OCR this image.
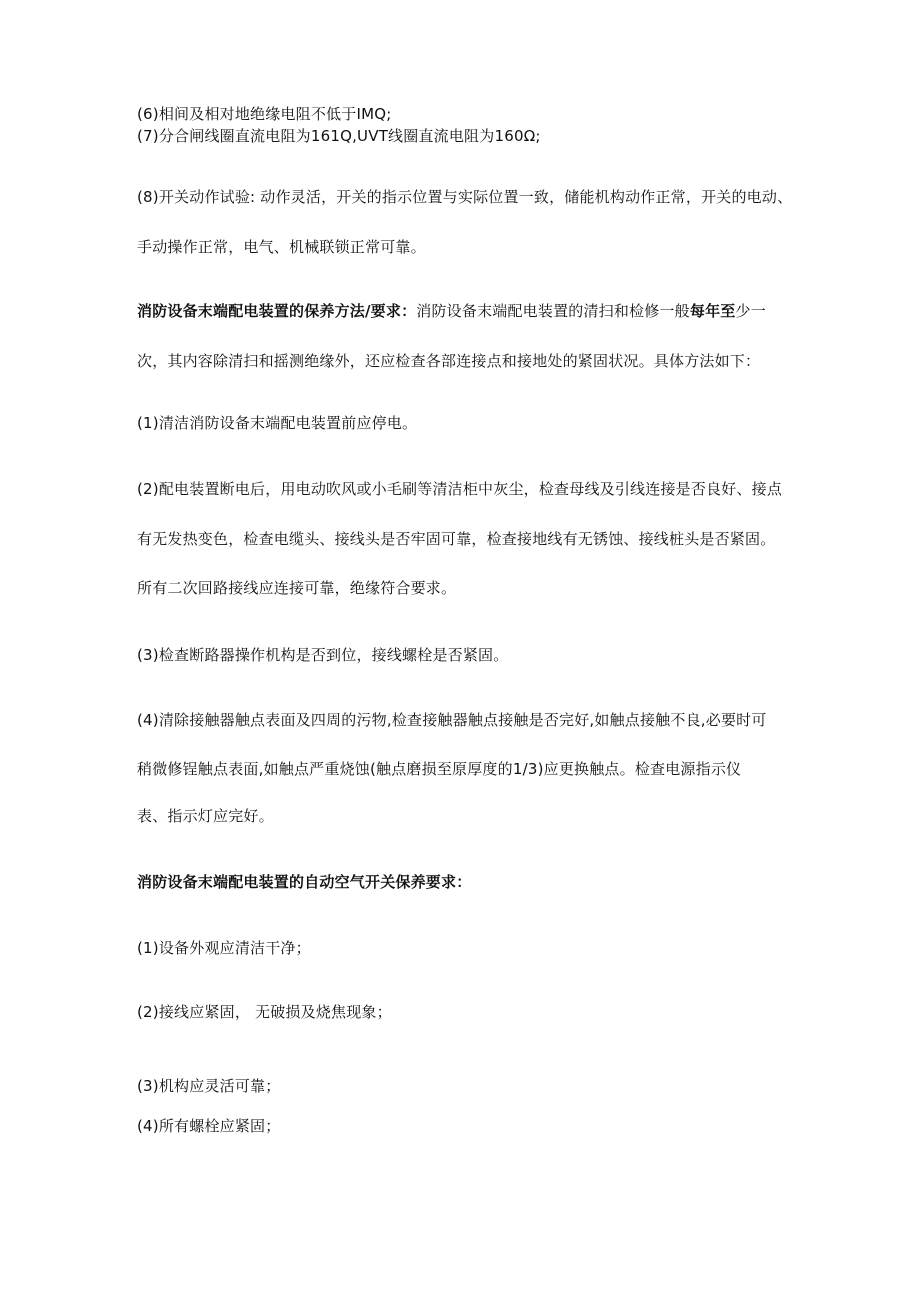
(6)相间及相对地绝缘电阻不低于IMQ;
(7)分合闸线圈直流电阻为161Q,UVT线圈直流电阻为160Ω;
(8)开关动作试验: 动作灵活，开关的指示位置与实际位置一致，储能机构动作正常，开关的电动、
手动操作正常，电气、机械联锁正常可靠。
消防设备末端配电装置的保养方法/要求：消防设备末端配电装置的清扫和检修一般每年至少一
次，其内容除清扫和摇测绝缘外，还应检查各部连接点和接地处的紧固状况。具体方法如下：
(1)清洁消防设备末端配电装置前应停电。
(2)配电装置断电后，用电动吹风或小毛刷等清洁柜中灰尘，检查母线及引线连接是否良好、接点
有无发热变色，检查电缆头、接线头是否牢固可靠，检查接地线有无锈蚀、接线桩头是否紧固。
所有二次回路接线应连接可靠，绝缘符合要求。
(3)检查断路器操作机构是否到位，接线螺栓是否紧固。
(4)清除接触器触点表面及四周的污物,检查接触器触点接触是否完好,如触点接触不良,必要时可
稍微修锃触点表面,如触点严重烧蚀(触点磨损至原厚度的1/3)应更换触点。检查电源指示仪
表、指示灯应完好。
消防设备末端配电装置的自动空气开关保养要求：
(1)设备外观应清洁干净；
(2)接线应紧固， 无破损及烧焦现象；
(3)机构应灵活可靠；
(4)所有螺栓应紧固；
